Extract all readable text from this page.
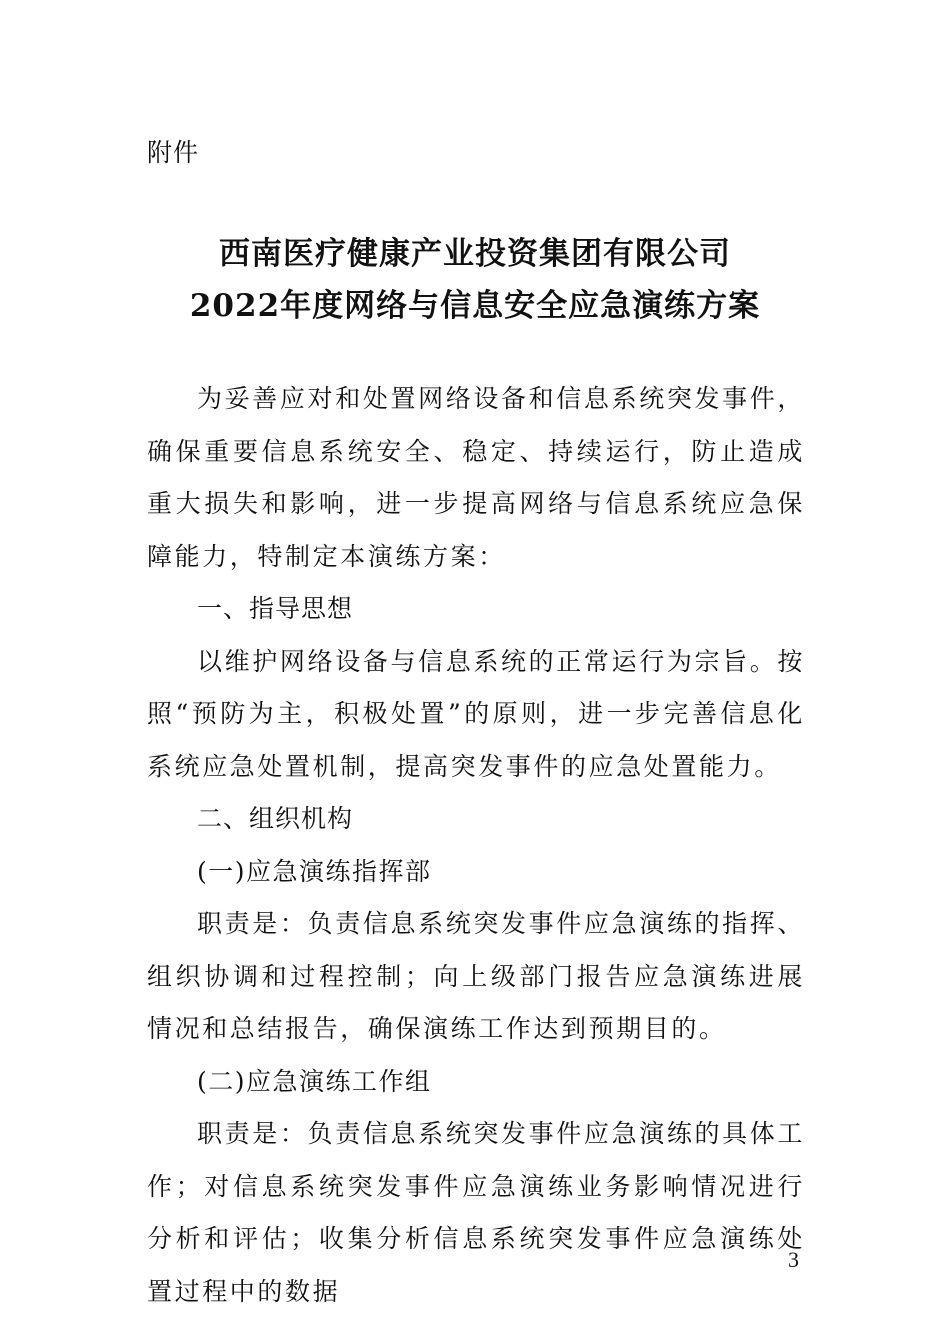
附件
西南医疗健康产业投资集团有限公司
2022年度网络与信息安全应急演练方案

为妥善应对和处置网络设备和信息系统突发事件，确保重要信息系统安全、稳定、持续运行，防止造成重大损失和影响，进一步提高网络与信息系统应急保障能力，特制定本演练方案：

一、指导思想

以维护网络设备与信息系统的正常运行为宗旨。按照“预防为主，积极处置”的原则，进一步完善信息化系统应急处置机制，提高突发事件的应急处置能力。

二、组织机构

(一)应急演练指挥部

职责是：负责信息系统突发事件应急演练的指挥、组织协调和过程控制；向上级部门报告应急演练进展情况和总结报告，确保演练工作达到预期目的。

(二)应急演练工作组

职责是：负责信息系统突发事件应急演练的具体工作；对信息系统突发事件应急演练业务影响情况进行分析和评估；收集分析信息系统突发事件应急演练处置过程中的数据

3
